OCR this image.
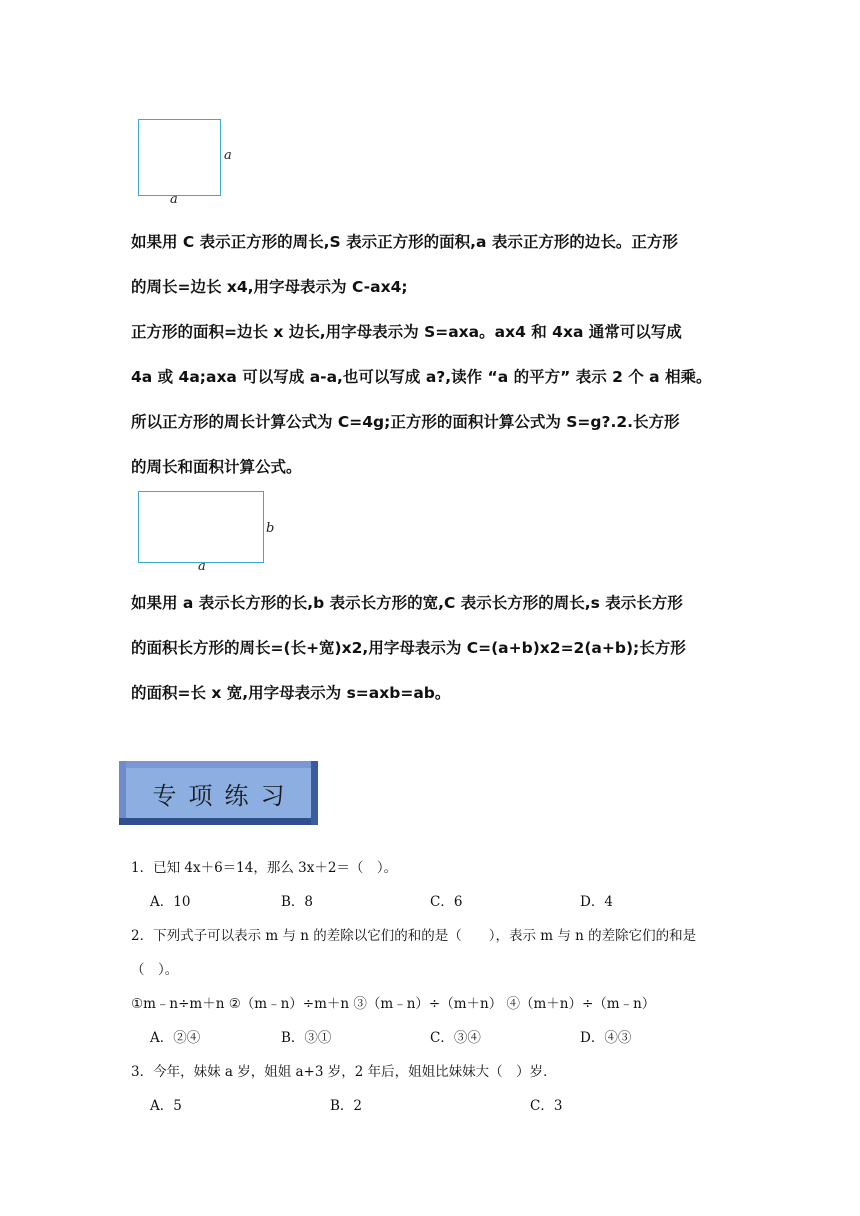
a
a
如果用 C 表示正方形的周长,S 表示正方形的面积,a 表示正方形的边长。正方形
的周长=边长 x4,用字母表示为 C-ax4;
正方形的面积=边长 x 边长,用字母表示为 S=axa。ax4 和 4xa 通常可以写成
4a 或 4a;axa 可以写成 a-a,也可以写成 a?,读作 “a 的平方” 表示 2 个 a 相乘。
所以正方形的周长计算公式为 C=4g;正方形的面积计算公式为 S=g?.2.长方形
的周长和面积计算公式。
b
a
如果用 a 表示长方形的长,b 表示长方形的宽,C 表示长方形的周长,s 表示长方形
的面积长方形的周长=(长+宽)x2,用字母表示为 C=(a+b)x2=2(a+b);长方形
的面积=长 x 宽,用字母表示为 s=axb=ab。
专项练习
1．已知 4x＋6＝14，那么 3x＋2＝（　）。
A．10	B．8	C．6	D．4
2．下列式子可以表示 m 与 n 的差除以它们的和的是（　　），表示 m 与 n 的差除它们的和是
（　）。
①m﹣n÷m＋n ②（m﹣n）÷m＋n ③（m﹣n）÷（m＋n） ④（m＋n）÷（m﹣n）
A．②④	B．③①	C．③④	D．④③
3．今年，妹妹 a 岁，姐姐 a+3 岁，2 年后，姐姐比妹妹大（　）岁．
A．5	B．2	C．3
